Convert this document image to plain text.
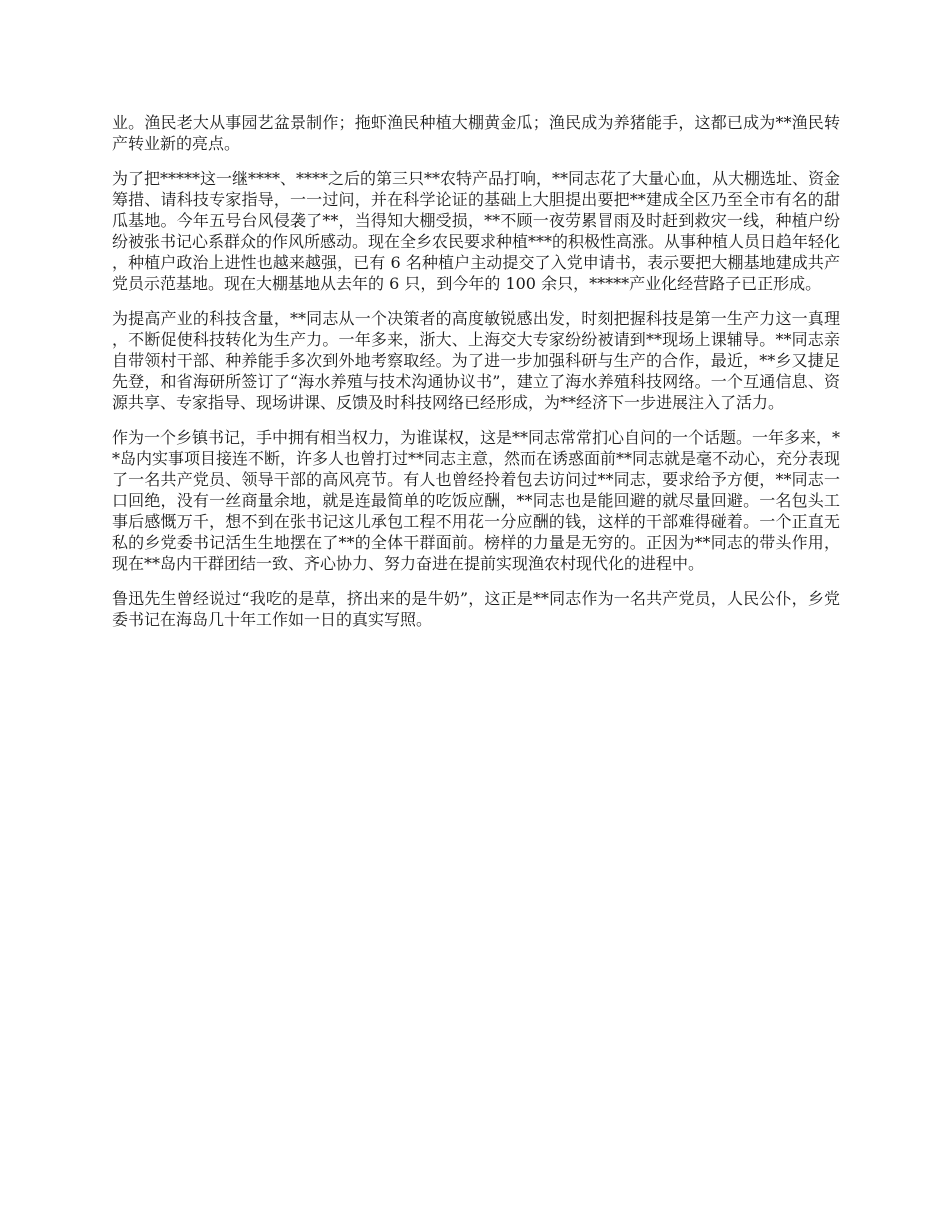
业。渔民老大从事园艺盆景制作；拖虾渔民种植大棚黄金瓜；渔民成为养猪能手，这都已成为**渔民转产转业新的亮点。

为了把*****这一继****、****之后的第三只**农特产品打响，**同志花了大量心血，从大棚选址、资金筹措、请科技专家指导，一一过问，并在科学论证的基础上大胆提出要把**建成全区乃至全市有名的甜瓜基地。今年五号台风侵袭了**，当得知大棚受损，**不顾一夜劳累冒雨及时赶到救灾一线，种植户纷纷被张书记心系群众的作风所感动。现在全乡农民要求种植***的积极性高涨。从事种植人员日趋年轻化，种植户政治上进性也越来越强，已有 6 名种植户主动提交了入党申请书，表示要把大棚基地建成共产党员示范基地。现在大棚基地从去年的 6 只，到今年的 100 余只，*****产业化经营路子已正形成。

为提高产业的科技含量，**同志从一个决策者的高度敏锐感出发，时刻把握科技是第一生产力这一真理，不断促使科技转化为生产力。一年多来，浙大、上海交大专家纷纷被请到**现场上课辅导。**同志亲自带领村干部、种养能手多次到外地考察取经。为了进一步加强科研与生产的合作，最近，**乡又捷足先登，和省海研所签订了“海水养殖与技术沟通协议书”，建立了海水养殖科技网络。一个互通信息、资源共享、专家指导、现场讲课、反馈及时科技网络已经形成，为**经济下一步进展注入了活力。

作为一个乡镇书记，手中拥有相当权力，为谁谋权，这是**同志常常扪心自问的一个话题。一年多来，**岛内实事项目接连不断，许多人也曾打过**同志主意，然而在诱惑面前**同志就是毫不动心，充分表现了一名共产党员、领导干部的高风亮节。有人也曾经拎着包去访问过**同志，要求给予方便，**同志一口回绝，没有一丝商量余地，就是连最简单的吃饭应酬，**同志也是能回避的就尽量回避。一名包头工事后感慨万千，想不到在张书记这儿承包工程不用花一分应酬的钱，这样的干部难得碰着。一个正直无私的乡党委书记活生生地摆在了**的全体干群面前。榜样的力量是无穷的。正因为**同志的带头作用，现在**岛内干群团结一致、齐心协力、努力奋进在提前实现渔农村现代化的进程中。

鲁迅先生曾经说过“我吃的是草，挤出来的是牛奶”，这正是**同志作为一名共产党员，人民公仆，乡党委书记在海岛几十年工作如一日的真实写照。
